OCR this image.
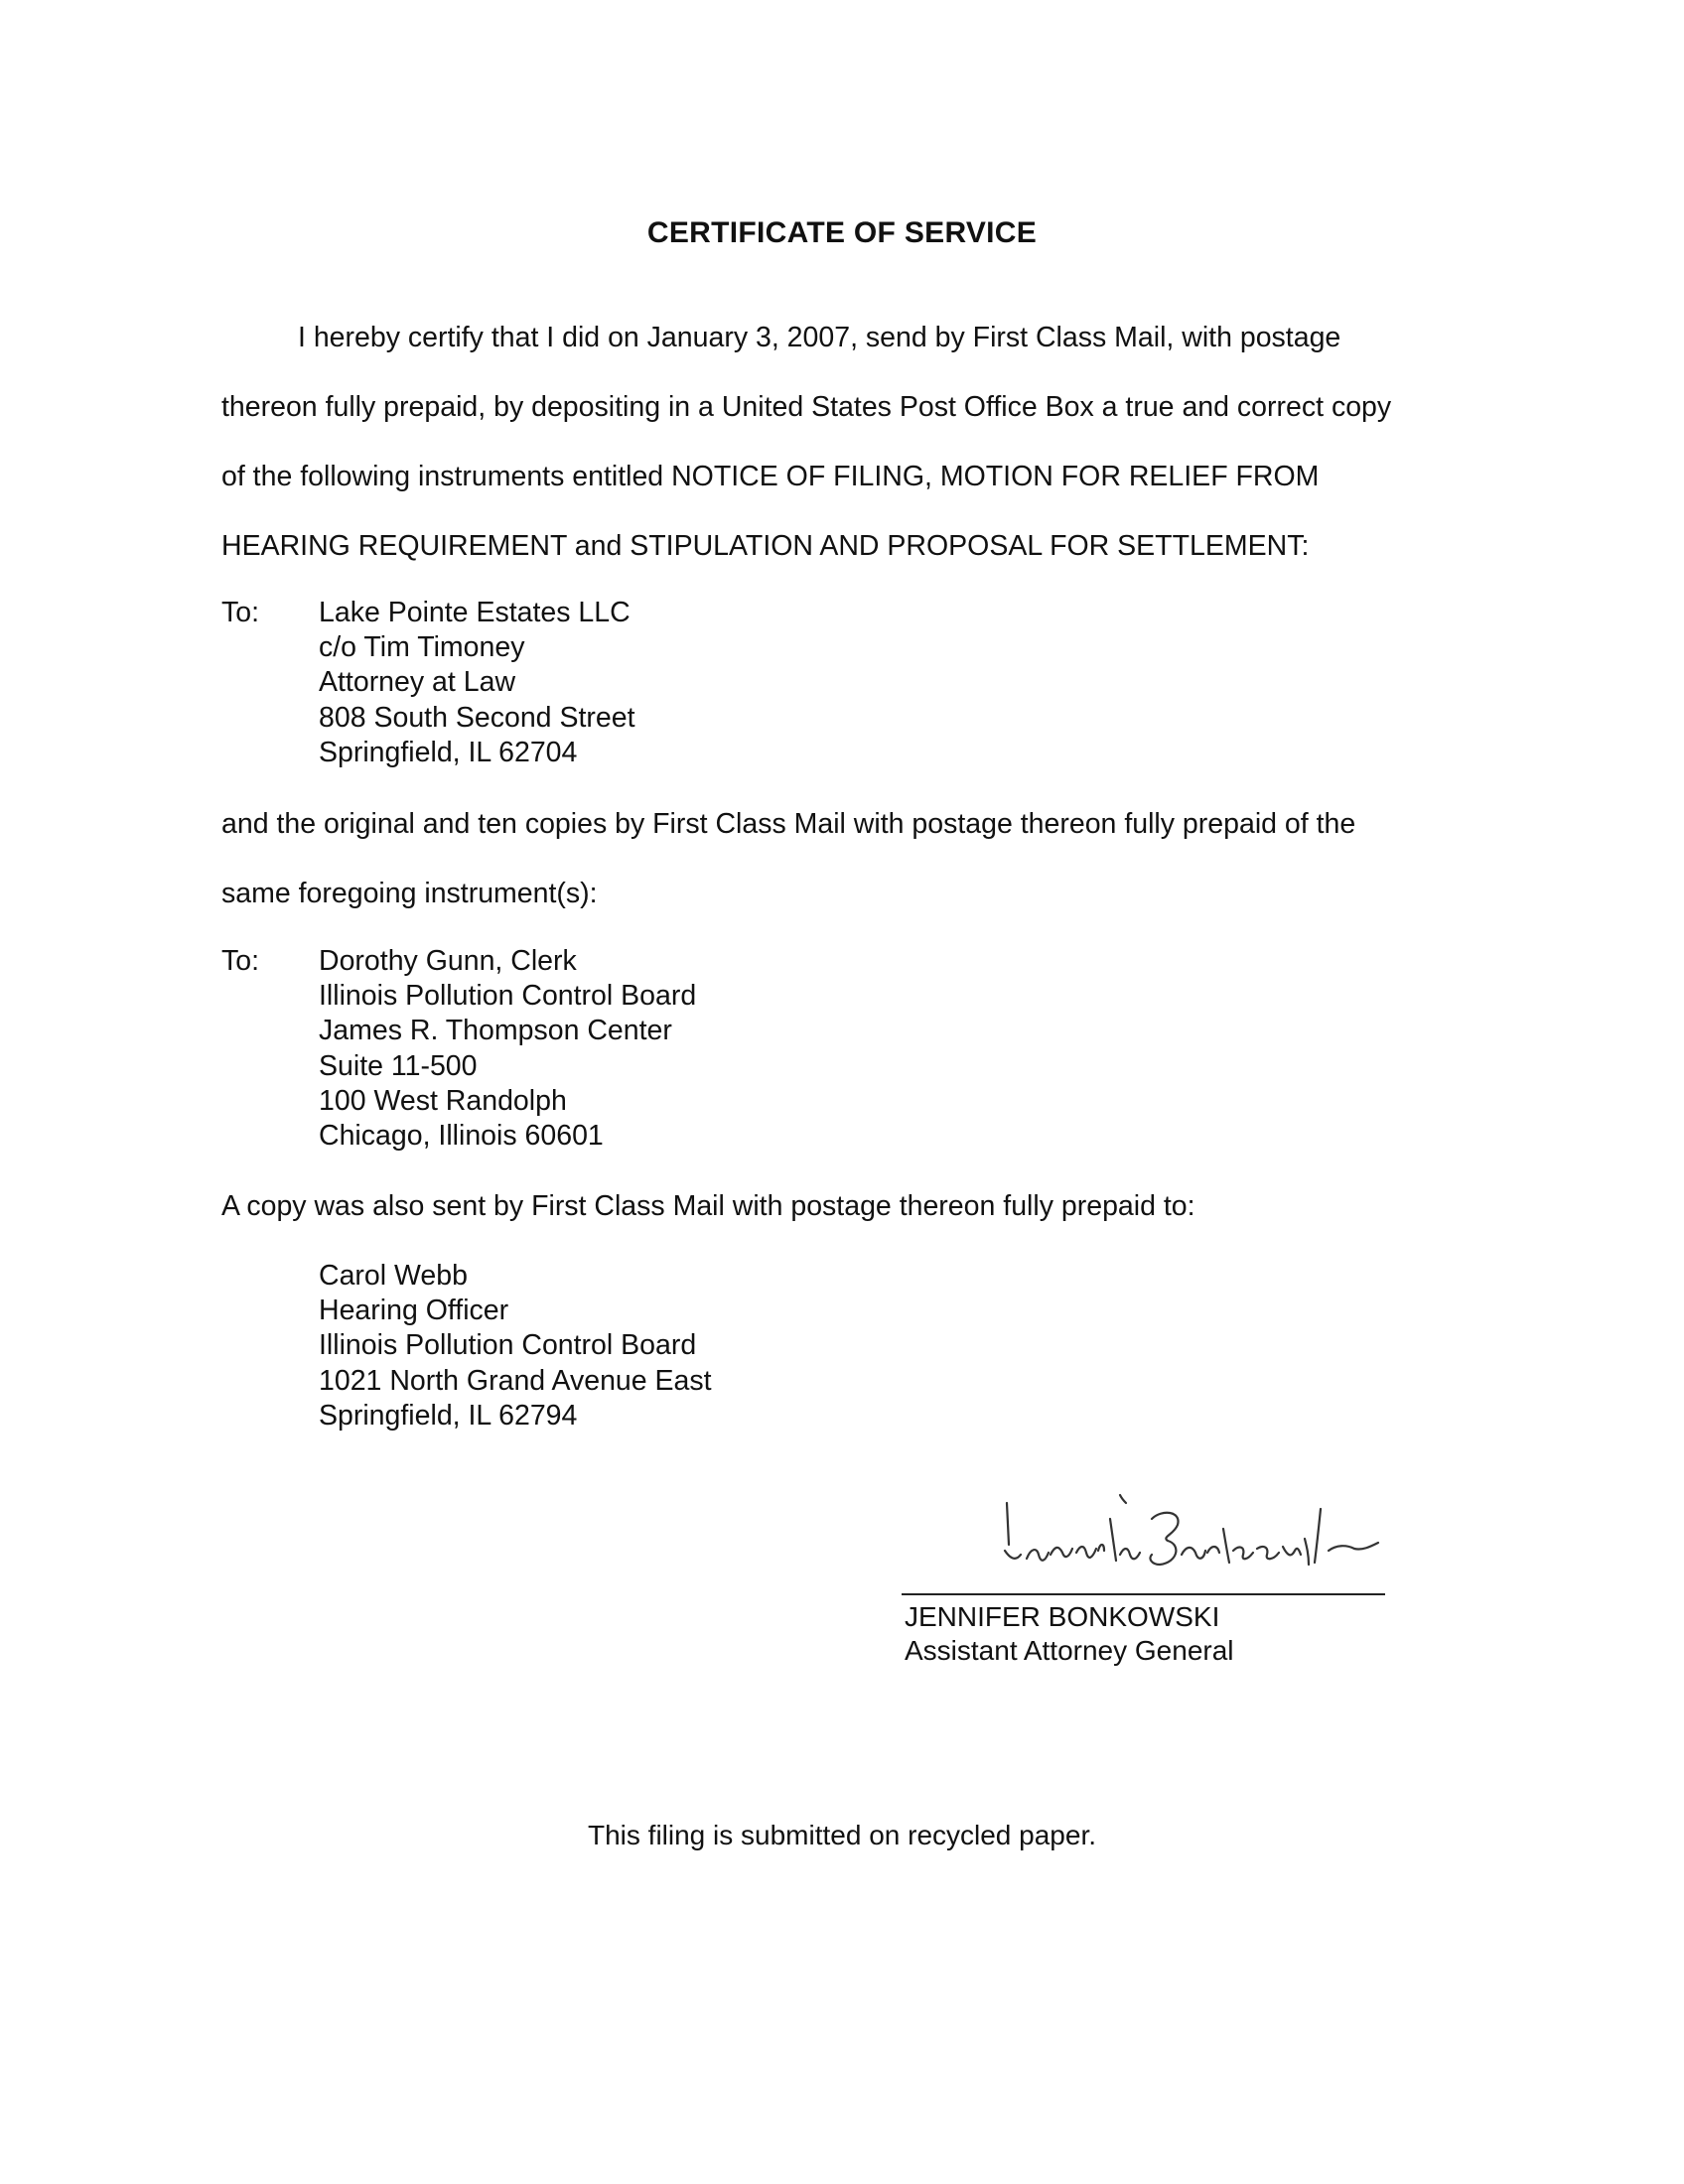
CERTIFICATE OF SERVICE
I hereby certify that I did on January 3, 2007, send by First Class Mail, with postage
thereon fully prepaid, by depositing in a United States Post Office Box a true and correct copy
of the following instruments entitled NOTICE OF FILING, MOTION FOR RELIEF FROM
HEARING REQUIREMENT and STIPULATION AND PROPOSAL FOR SETTLEMENT:
To: Lake Pointe Estates LLC
c/o Tim Timoney
Attorney at Law
808 South Second Street
Springfield, IL 62704
and the original and ten copies by First Class Mail with postage thereon fully prepaid of the
same foregoing instrument(s):
To: Dorothy Gunn, Clerk
Illinois Pollution Control Board
James R. Thompson Center
Suite 11-500
100 West Randolph
Chicago, Illinois 60601
A copy was also sent by First Class Mail with postage thereon fully prepaid to:
Carol Webb
Hearing Officer
Illinois Pollution Control Board
1021 North Grand Avenue East
Springfield, IL 62794
JENNIFER BONKOWSKI
Assistant Attorney General
This filing is submitted on recycled paper.
